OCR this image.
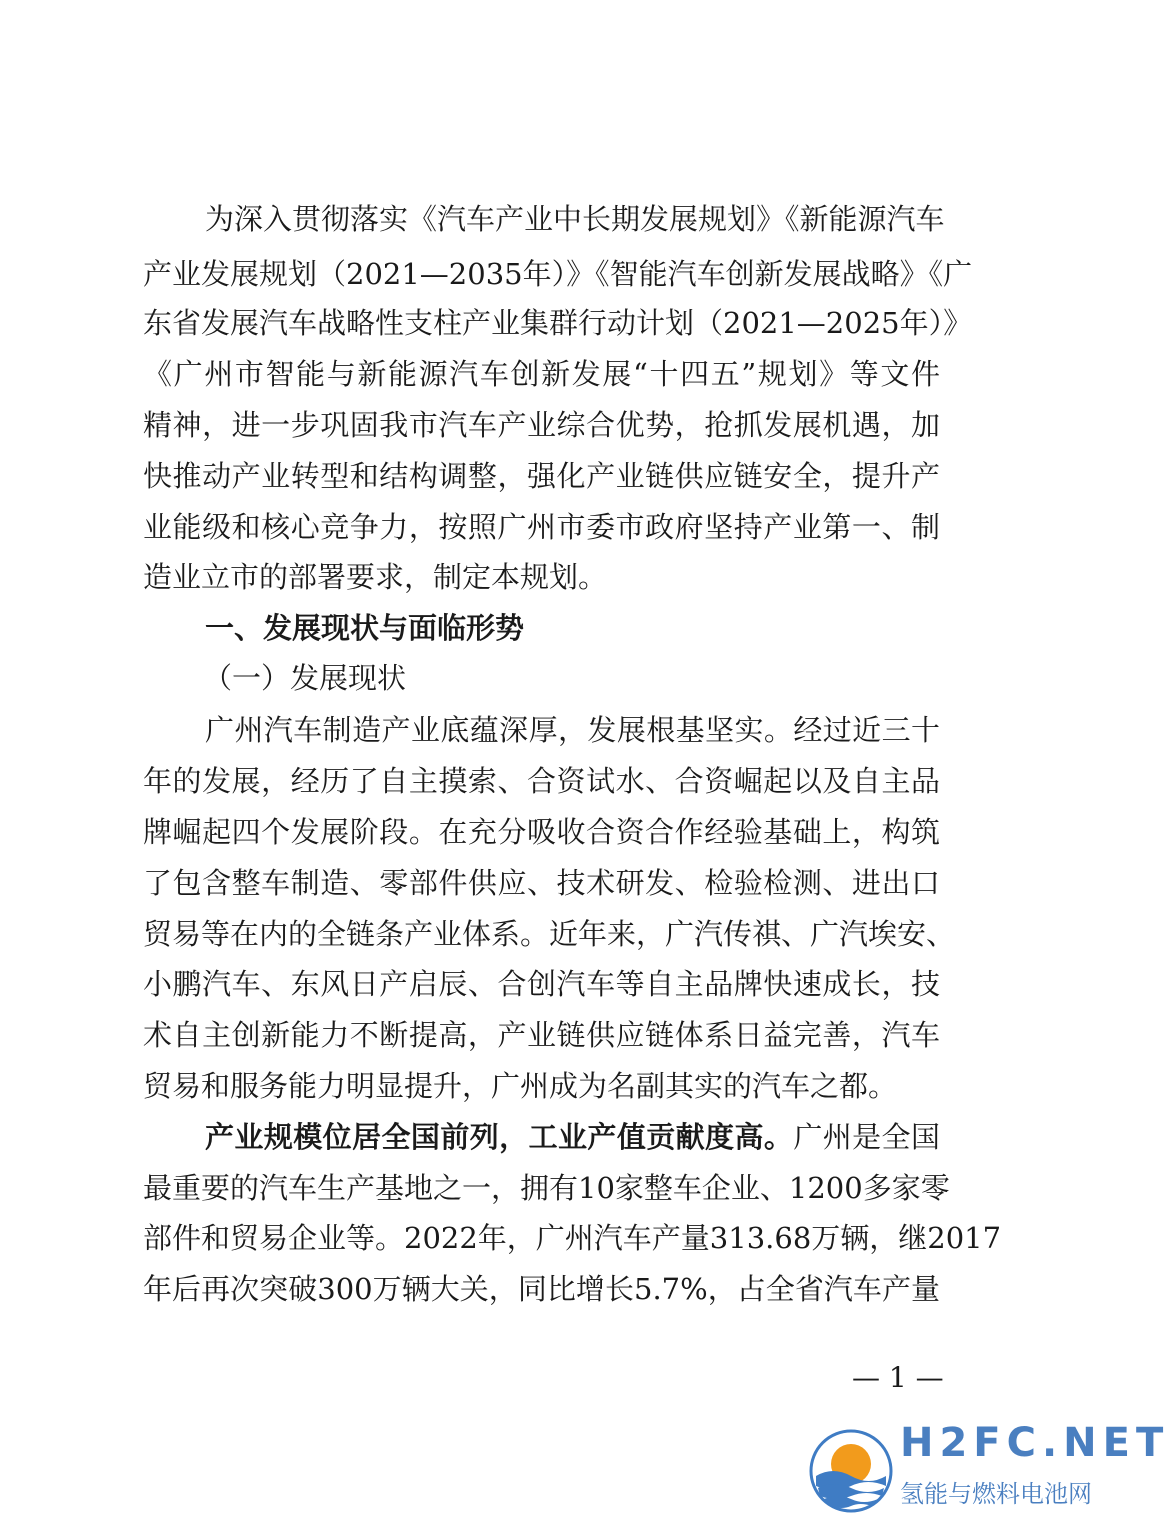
为深入贯彻落实《汽车产业中长期发展规划》《新能源汽车
产业发展规划（2021—2035年）》《智能汽车创新发展战略》《广
东省发展汽车战略性支柱产业集群行动计划（2021—2025年）》
《广州市智能与新能源汽车创新发展“十四五”规划》等文件
精神，进一步巩固我市汽车产业综合优势，抢抓发展机遇，加
快推动产业转型和结构调整，强化产业链供应链安全，提升产
业能级和核心竞争力，按照广州市委市政府坚持产业第一、制
造业立市的部署要求，制定本规划。
一、发展现状与面临形势
（一）发展现状
广州汽车制造产业底蕴深厚，发展根基坚实。经过近三十
年的发展，经历了自主摸索、合资试水、合资崛起以及自主品
牌崛起四个发展阶段。在充分吸收合资合作经验基础上，构筑
了包含整车制造、零部件供应、技术研发、检验检测、进出口
贸易等在内的全链条产业体系。近年来，广汽传祺、广汽埃安、
小鹏汽车、东风日产启辰、合创汽车等自主品牌快速成长，技
术自主创新能力不断提高，产业链供应链体系日益完善，汽车
贸易和服务能力明显提升，广州成为名副其实的汽车之都。
产业规模位居全国前列，工业产值贡献度高。广州是全国
最重要的汽车生产基地之一，拥有10家整车企业、1200多家零
部件和贸易企业等。2022年，广州汽车产量313.68万辆，继2017
年后再次突破300万辆大关，同比增长5.7%，占全省汽车产量
— 1 —
H2FC.NET
氢能与燃料电池网
